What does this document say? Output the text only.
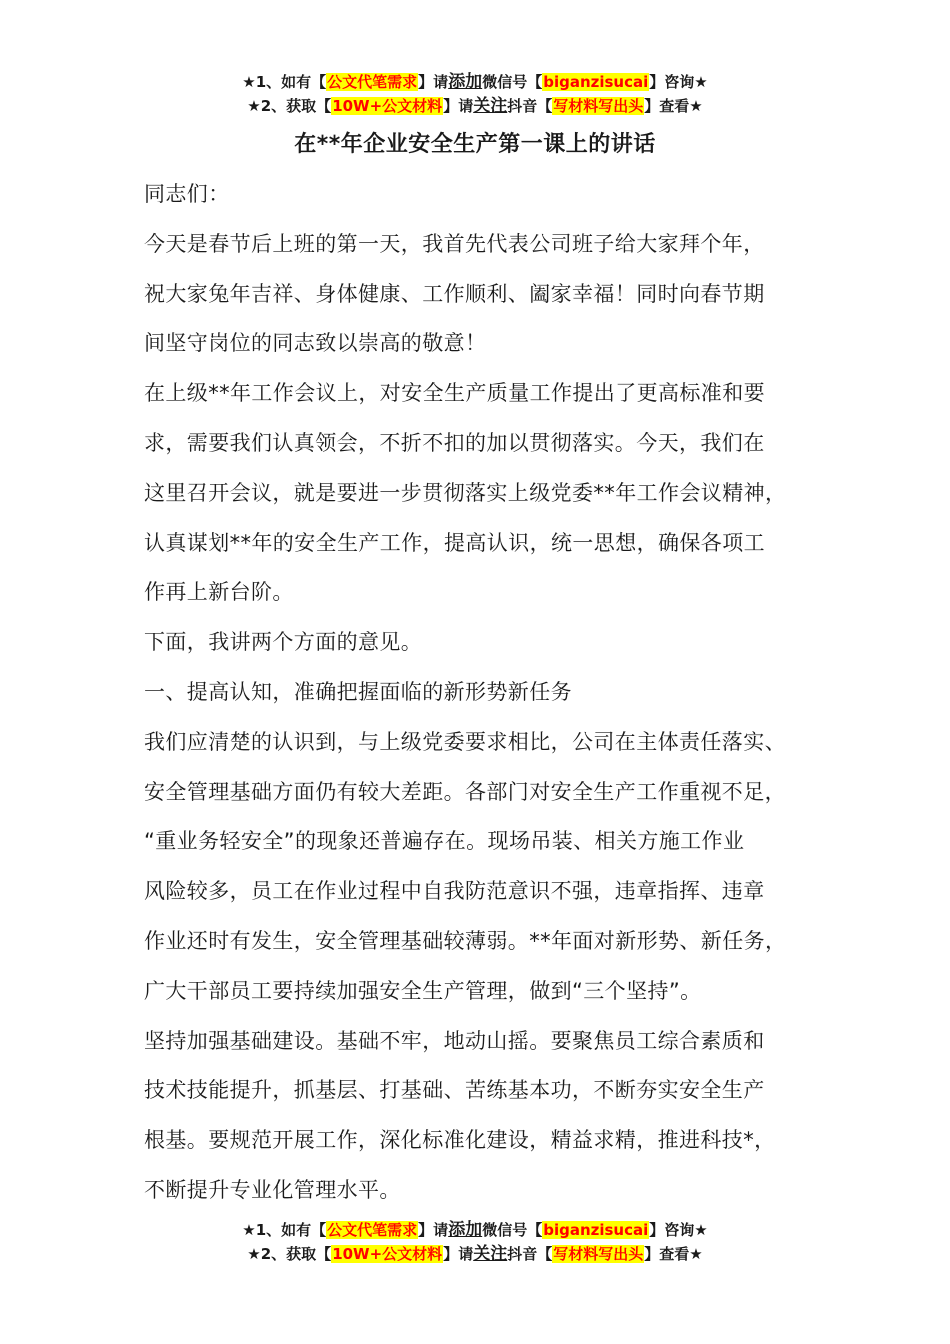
★1、如有【公文代笔需求】请添加微信号【biganzisucai】咨询★
★2、获取【10W+公文材料】请关注抖音【写材料写出头】查看★
在**年企业安全生产第一课上的讲话

同志们：

今天是春节后上班的第一天，我首先代表公司班子给大家拜个年，
祝大家兔年吉祥、身体健康、工作顺利、阖家幸福！同时向春节期
间坚守岗位的同志致以崇高的敬意！

在上级**年工作会议上，对安全生产质量工作提出了更高标准和要
求，需要我们认真领会，不折不扣的加以贯彻落实。今天，我们在
这里召开会议，就是要进一步贯彻落实上级党委**年工作会议精神，
认真谋划**年的安全生产工作，提高认识，统一思想，确保各项工
作再上新台阶。

下面，我讲两个方面的意见。

一、提高认知，准确把握面临的新形势新任务

我们应清楚的认识到，与上级党委要求相比，公司在主体责任落实、
安全管理基础方面仍有较大差距。各部门对安全生产工作重视不足，
“重业务轻安全”的现象还普遍存在。现场吊装、相关方施工作业
风险较多，员工在作业过程中自我防范意识不强，违章指挥、违章
作业还时有发生，安全管理基础较薄弱。**年面对新形势、新任务，
广大干部员工要持续加强安全生产管理，做到“三个坚持”。

坚持加强基础建设。基础不牢，地动山摇。要聚焦员工综合素质和
技术技能提升，抓基层、打基础、苦练基本功，不断夯实安全生产
根基。要规范开展工作，深化标准化建设，精益求精，推进科技*，
不断提升专业化管理水平。

★1、如有【公文代笔需求】请添加微信号【biganzisucai】咨询★
★2、获取【10W+公文材料】请关注抖音【写材料写出头】查看★
